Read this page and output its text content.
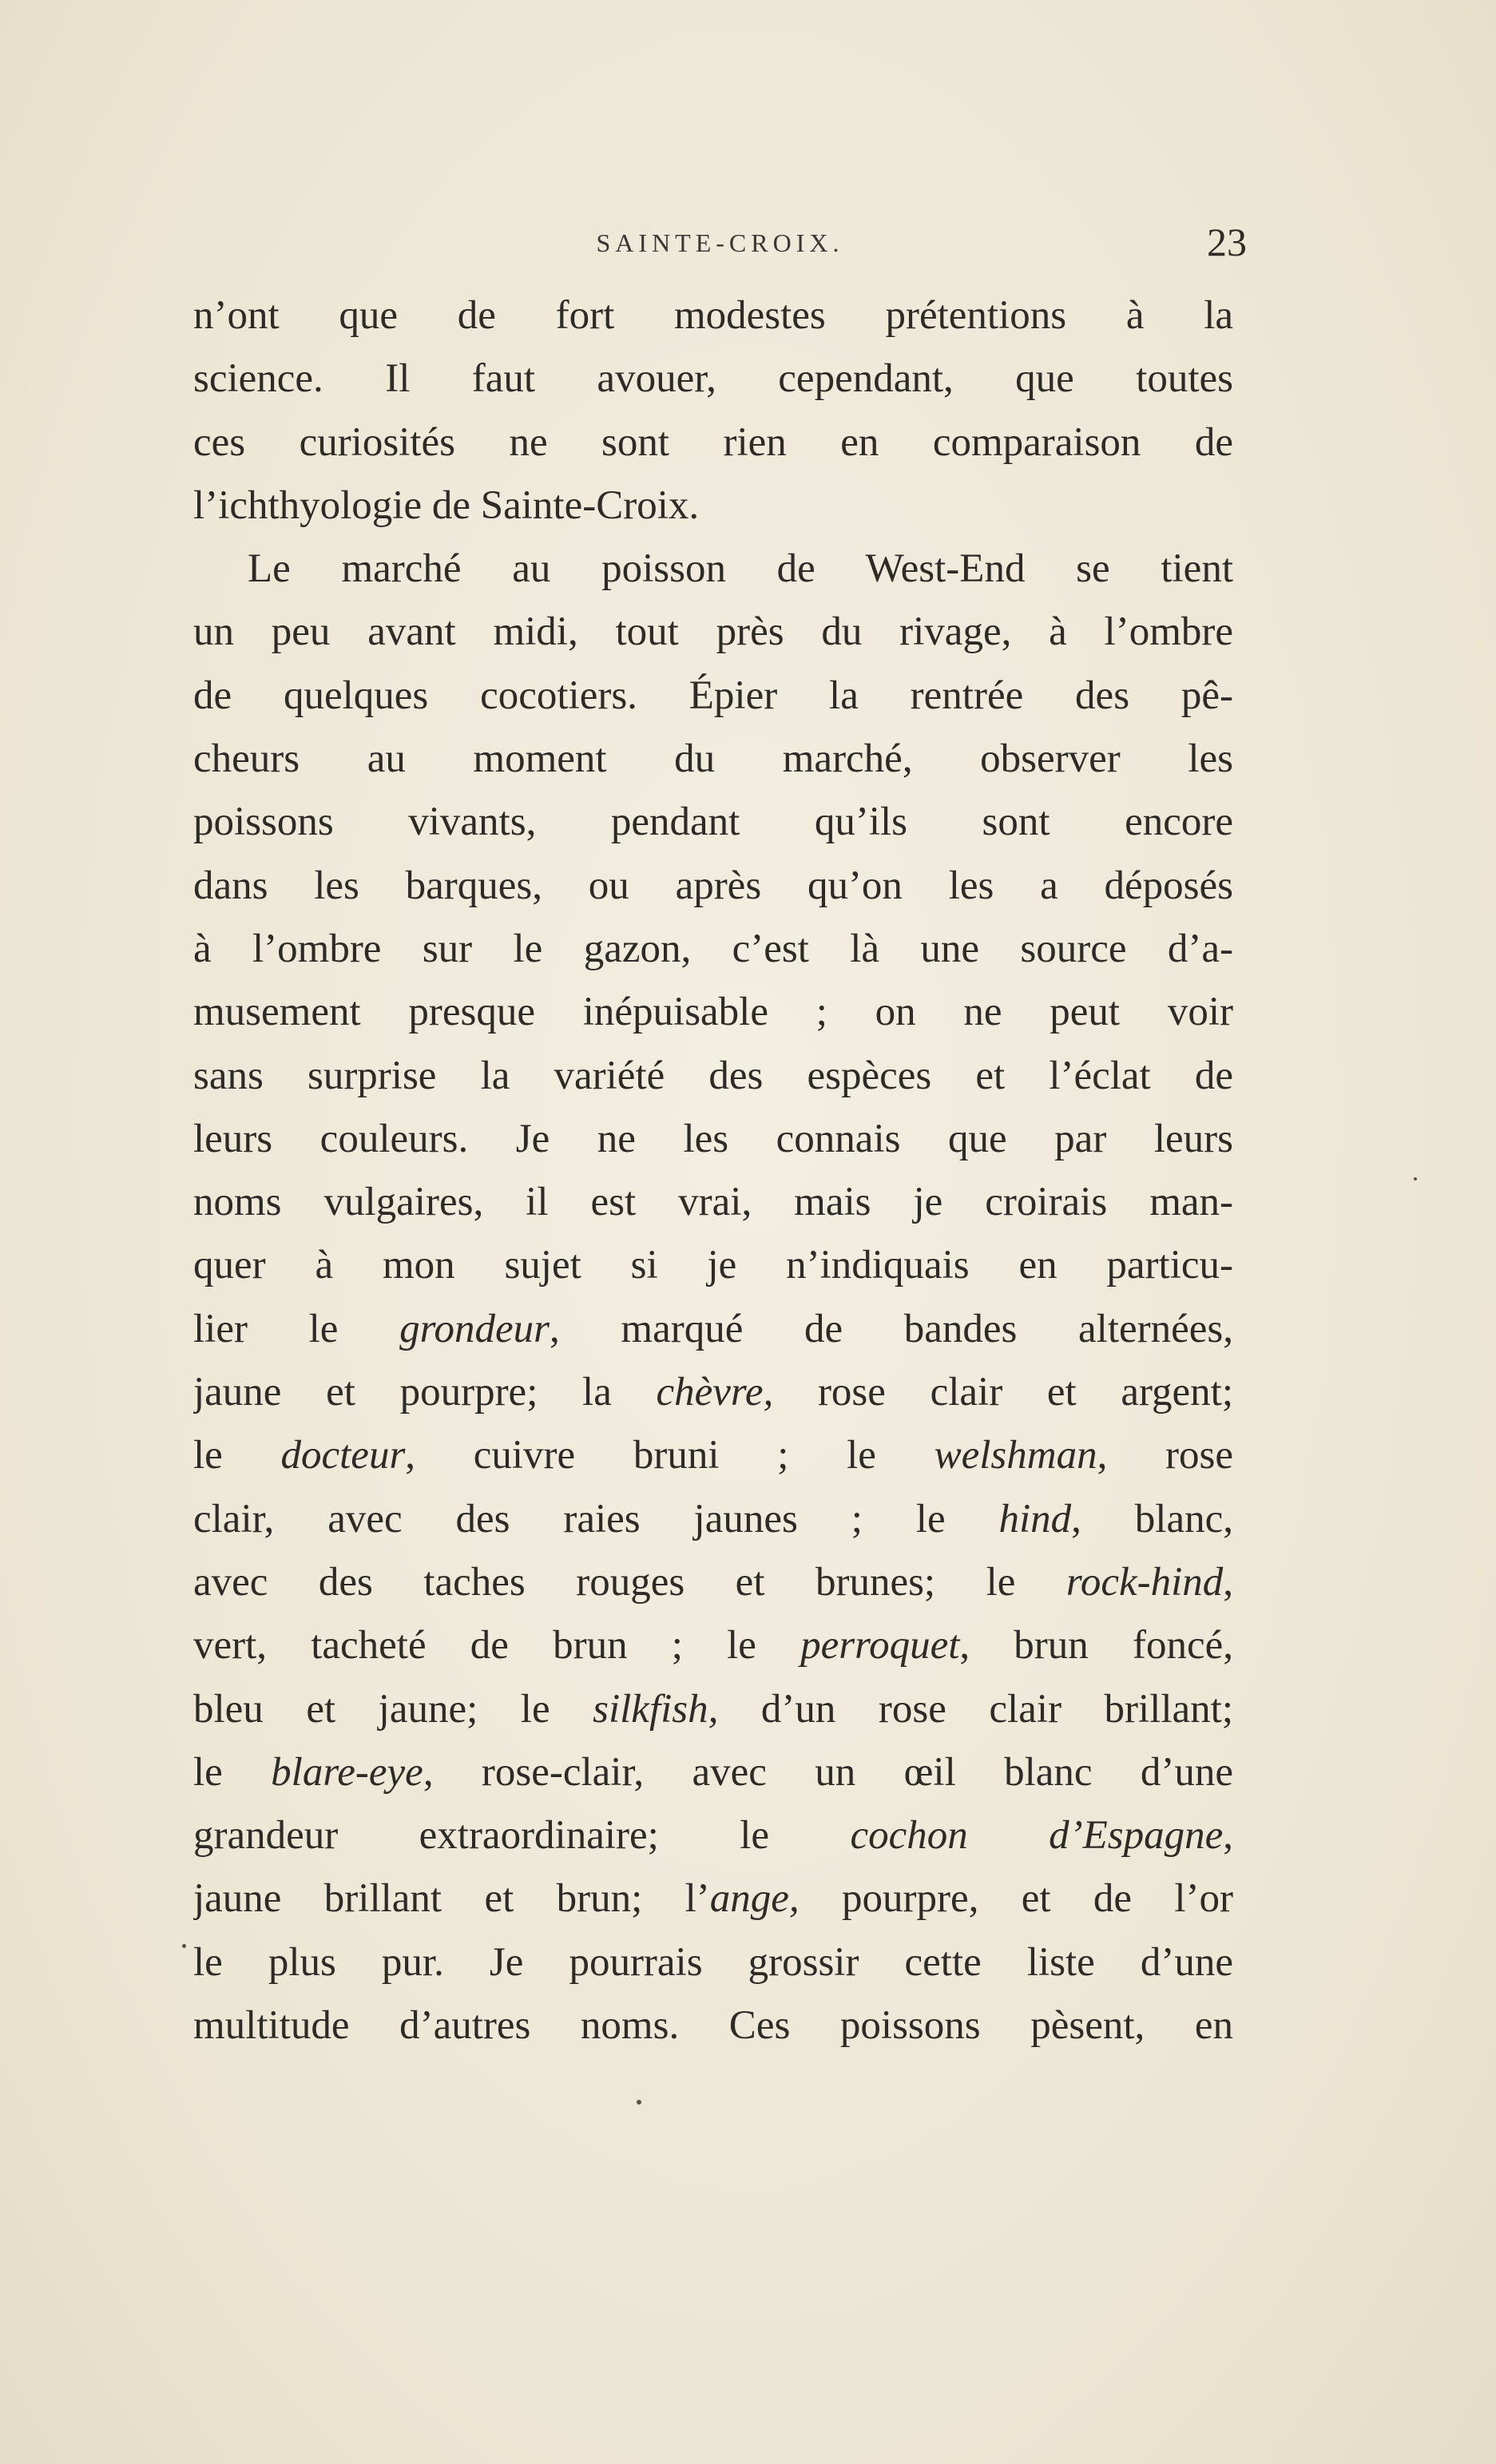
SAINTE-CROIX.	23
n’ont que de fort modestes prétentions à la
science. Il faut avouer, cependant, que toutes
ces curiosités ne sont rien en comparaison de
l’ichthyologie de Sainte-Croix.
Le marché au poisson de West-End se tient
un peu avant midi, tout près du rivage, à l’ombre
de quelques cocotiers. Épier la rentrée des pê-
cheurs au moment du marché, observer les
poissons vivants, pendant qu’ils sont encore
dans les barques, ou après qu’on les a déposés
à l’ombre sur le gazon, c’est là une source d’a-
musement presque inépuisable ; on ne peut voir
sans surprise la variété des espèces et l’éclat de
leurs couleurs. Je ne les connais que par leurs
noms vulgaires, il est vrai, mais je croirais man-
quer à mon sujet si je n’indiquais en particu-
lier le grondeur, marqué de bandes alternées,
jaune et pourpre; la chèvre, rose clair et argent;
le docteur, cuivre bruni ; le welshman, rose
clair, avec des raies jaunes ; le hind, blanc,
avec des taches rouges et brunes; le rock-hind,
vert, tacheté de brun ; le perroquet, brun foncé,
bleu et jaune; le silkfish, d’un rose clair brillant;
le blare-eye, rose-clair, avec un œil blanc d’une
grandeur extraordinaire; le cochon d’Espagne,
jaune brillant et brun; l’ange, pourpre, et de l’or
le plus pur. Je pourrais grossir cette liste d’une
multitude d’autres noms. Ces poissons pèsent, en
